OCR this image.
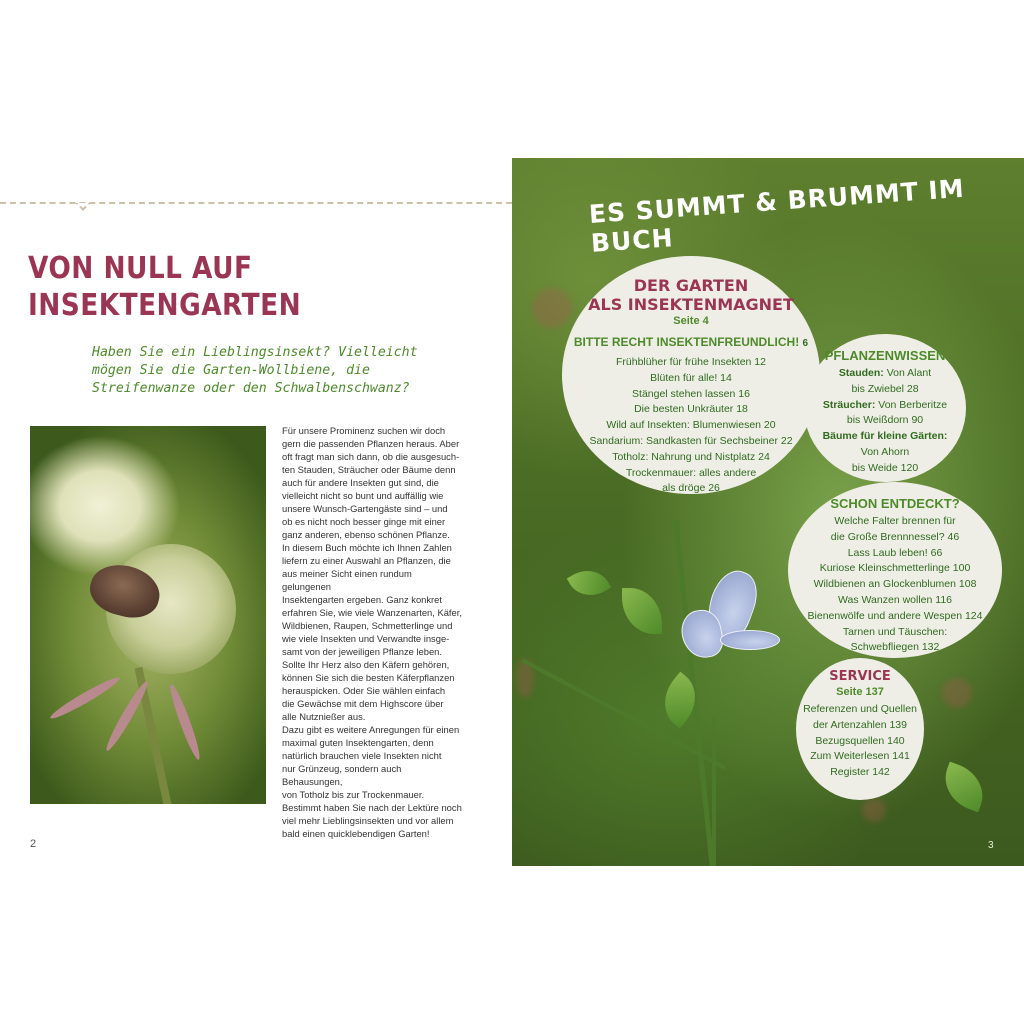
VON NULL AUF
INSEKTENGARTEN

Haben Sie ein Lieblingsinsekt? Vielleicht mögen Sie die Garten-Wollbiene, die Streifenwanze oder den Schwalbenschwanz?

Für unsere Prominenz suchen wir doch

gern die passenden Pflanzen heraus. Aber

oft fragt man sich dann, ob die ausgesuch-

ten Stauden, Sträucher oder Bäume denn

auch für andere Insekten gut sind, die

vielleicht nicht so bunt und auffällig wie

unsere Wunsch-Gartengäste sind – und

ob es nicht noch besser ginge mit einer

ganz anderen, ebenso schönen Pflanze.

In diesem Buch möchte ich Ihnen Zahlen

liefern zu einer Auswahl an Pflanzen, die

aus meiner Sicht einen rundum gelungenen

Insektengarten ergeben. Ganz konkret

erfahren Sie, wie viele Wanzenarten, Käfer,

Wildbienen, Raupen, Schmetterlinge und

wie viele Insekten und Verwandte insge-

samt von der jeweiligen Pflanze leben.

Sollte Ihr Herz also den Käfern gehören,

können Sie sich die besten Käferpflanzen

herauspicken. Oder Sie wählen einfach

die Gewächse mit dem Highscore über

alle Nutznießer aus.

Dazu gibt es weitere Anregungen für einen

maximal guten Insektengarten, denn

natürlich brauchen viele Insekten nicht

nur Grünzeug, sondern auch Behausungen,

von Totholz bis zur Trockenmauer.

Bestimmt haben Sie nach der Lektüre noch

viel mehr Lieblingsinsekten und vor allem

bald einen quicklebendigen Garten!

2
ES SUMMT & BRUMMT IM BUCH
DER GARTEN
ALS INSEKTENMAGNET
Seite 4
BITTE RECHT INSEKTENFREUNDLICH! 6
Frühblüher für frühe Insekten 12
Blüten für alle! 14
Stängel stehen lassen 16
Die besten Unkräuter 18
Wild auf Insekten: Blumenwiesen 20
Sandarium: Sandkasten für Sechsbeiner 22
Totholz: Nahrung und Nistplatz 24
Trockenmauer: alles andere
als dröge 26
PFLANZENWISSEN
Stauden: Von Alant
bis Zwiebel 28
Sträucher: Von Berberitze
bis Weißdorn 90
Bäume für kleine Gärten:
Von Ahorn
bis Weide 120
SCHON ENTDECKT?
Welche Falter brennen für
die Große Brennnessel? 46
Lass Laub leben! 66
Kuriose Kleinschmetterlinge 100
Wildbienen an Glockenblumen 108
Was Wanzen wollen 116
Bienenwölfe und andere Wespen 124
Tarnen und Täuschen:
Schwebfliegen 132
SERVICE
Seite 137
Referenzen und Quellen
der Artenzahlen 139
Bezugsquellen 140
Zum Weiterlesen 141
Register 142
3
